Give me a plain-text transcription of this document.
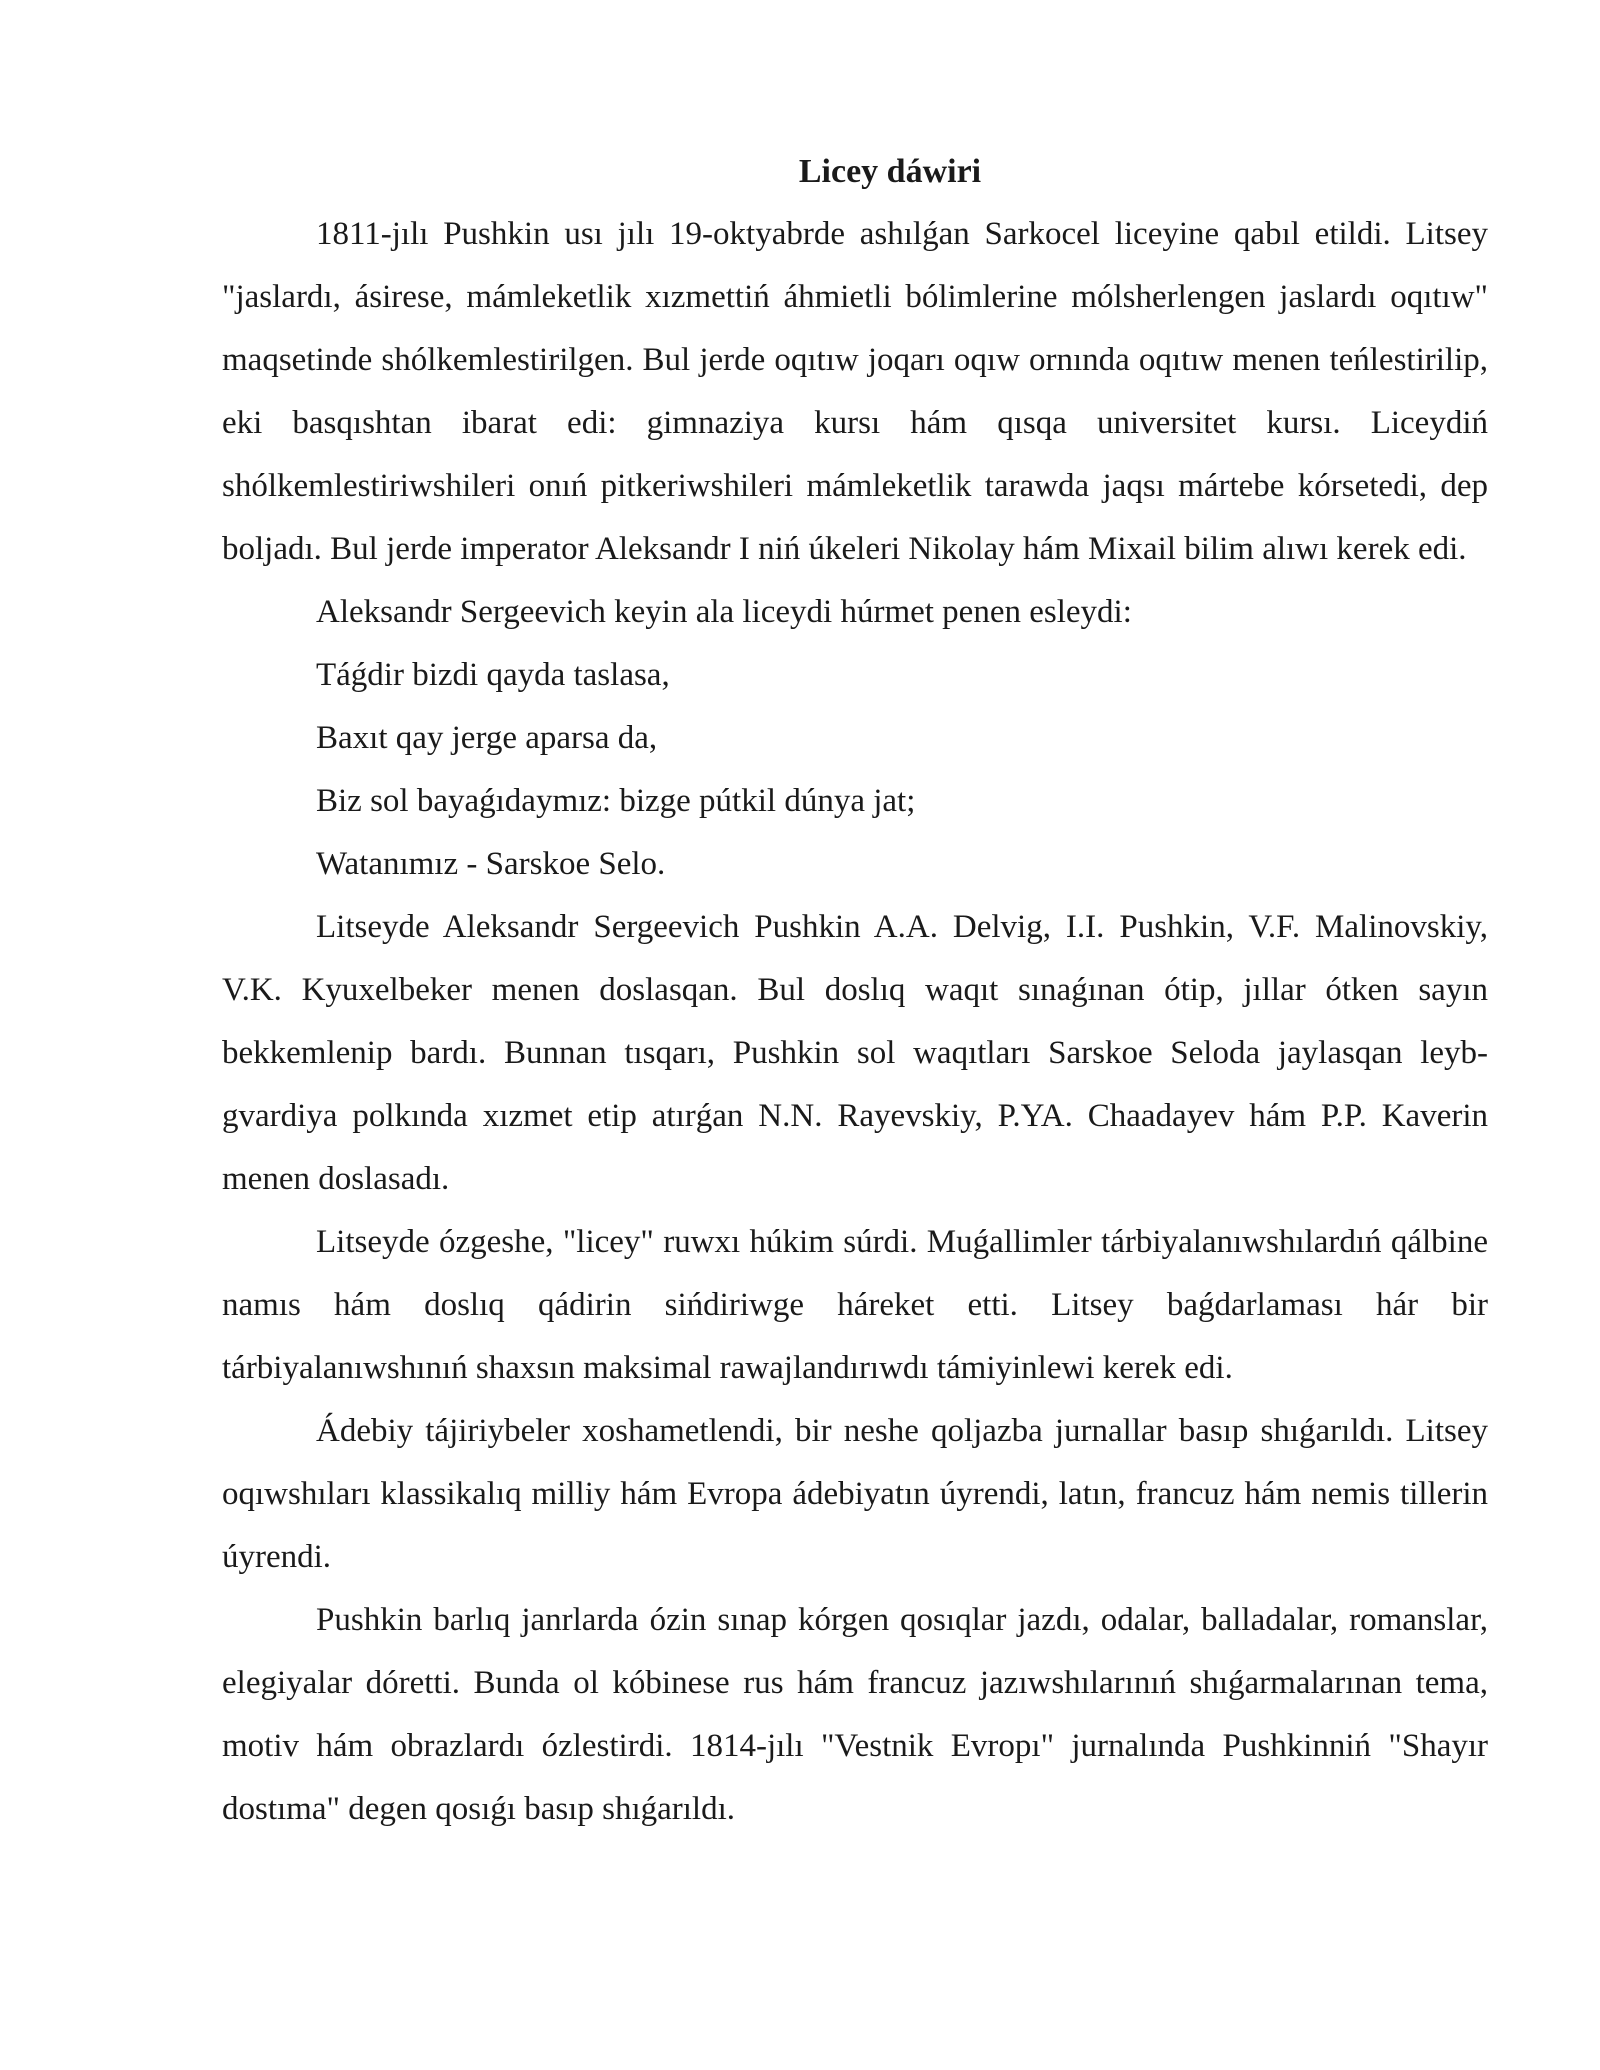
Licey dáwiri

1811-jılı Pushkin usı jılı 19-oktyabrde ashılǵan Sarkocel liceyine qabıl etildi. Litsey "jaslardı, ásirese, mámleketlik xızmettiń áhmietli bólimlerine mólsherlengen jaslardı oqıtıw" maqsetinde shólkemlestirilgen. Bul jerde oqıtıw joqarı oqıw ornında oqıtıw menen teńlestirilip, eki basqıshtan ibarat edi: gimnaziya kursı hám qısqa universitet kursı. Liceydiń shólkemlestiriwshileri onıń pitkeriwshileri mámleketlik tarawda jaqsı mártebe kórsetedi, dep boljadı. Bul jerde imperator Aleksandr I niń úkeleri Nikolay hám Mixail bilim alıwı kerek edi.

Aleksandr Sergeevich keyin ala liceydi húrmet penen esleydi:

Táǵdir bizdi qayda taslasa,

Baxıt qay jerge aparsa da,

Biz sol bayaǵıdaymız: bizge pútkil dúnya jat;

Watanımız - Sarskoe Selo.

Litseyde Aleksandr Sergeevich Pushkin A.A. Delvig, I.I. Pushkin, V.F. Malinovskiy, V.K. Kyuxelbeker menen doslasqan. Bul doslıq waqıt sınaǵınan ótip, jıllar ótken sayın bekkemlenip bardı. Bunnan tısqarı, Pushkin sol waqıtları Sarskoe Seloda jaylasqan leyb-gvardiya polkında xızmet etip atırǵan N.N. Rayevskiy, P.YA. Chaadayev hám P.P. Kaverin menen doslasadı.

Litseyde ózgeshe, "licey" ruwxı húkim súrdi. Muǵallimler tárbiyalanıwshılardıń qálbine namıs hám doslıq qádirin sińdiriwge háreket etti. Litsey baǵdarlaması hár bir tárbiyalanıwshınıń shaxsın maksimal rawajlandırıwdı támiyinlewi kerek edi.

Ádebiy tájiriybeler xoshametlendi, bir neshe qoljazba jurnallar basıp shıǵarıldı. Litsey oqıwshıları klassikalıq milliy hám Evropa ádebiyatın úyrendi, latın, francuz hám nemis tillerin úyrendi.

Pushkin barlıq janrlarda ózin sınap kórgen qosıqlar jazdı, odalar, balladalar, romanslar, elegiyalar dóretti. Bunda ol kóbinese rus hám francuz jazıwshılarınıń shıǵarmalarınan tema, motiv hám obrazlardı ózlestirdi. 1814-jılı "Vestnik Evropı" jurnalında Pushkinniń "Shayır dostıma" degen qosıǵı basıp shıǵarıldı.
